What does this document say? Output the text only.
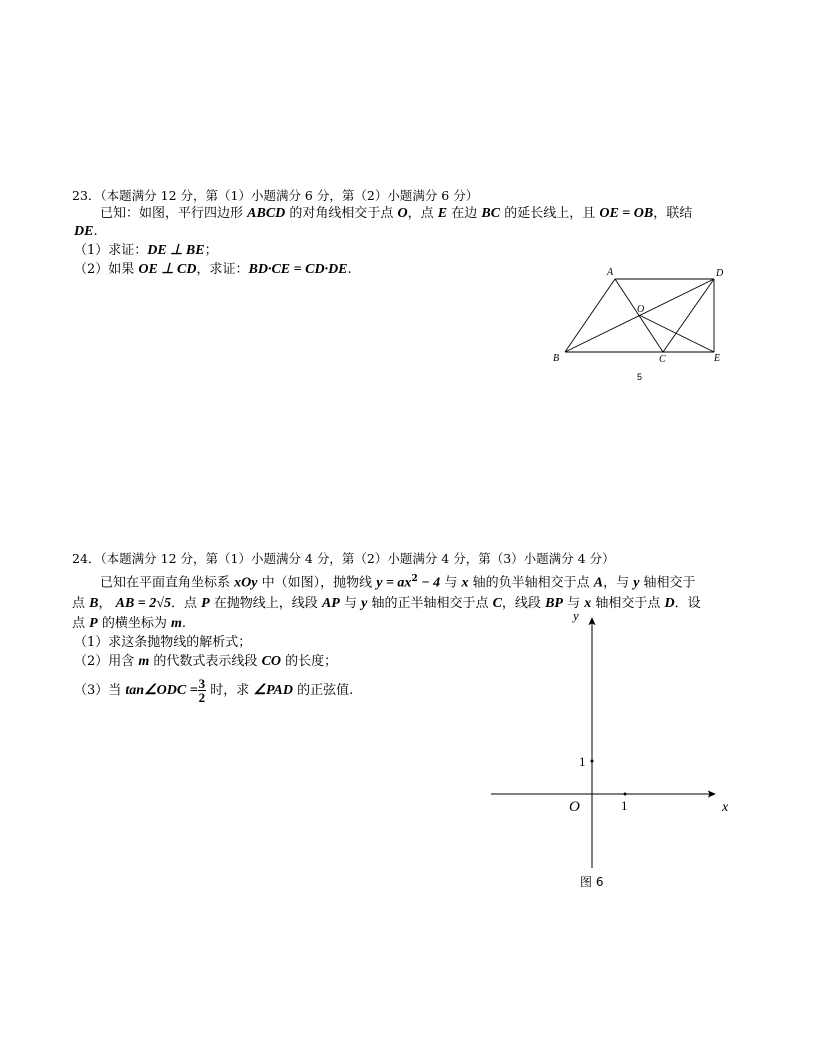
23．（本题满分 12 分，第（1）小题满分 6 分，第（2）小题满分 6 分）
已知：如图，平行四边形 ABCD 的对角线相交于点 O，点 E 在边 BC 的延长线上，且 OE = OB，联结
DE.
（1）求证：DE ⊥ BE；
（2）如果 OE ⊥ CD，求证：BD·CE = CD·DE.	A	D
O
B	C	E
5
24．（本题满分 12 分，第（1）小题满分 4 分，第（2）小题满分 4 分，第（3）小题满分 4 分）
已知在平面直角坐标系 xOy 中（如图），抛物线 $y = ax^2 - 4$ 与 x 轴的负半轴相交于点 A，与 y 轴相交于
点 B， AB = 2√5．点 P 在抛物线上，线段 AP 与 y 轴的正半轴相交于点 C，线段 BP 与 x 轴相交于点 D．设
点 P 的横坐标为 m.
（1）求这条抛物线的解析式；
（2）用含 m 的代数式表示线段 CO 的长度；
（3）当 tan∠ODC = $\frac{3}{2}$ 时，求 ∠PAD 的正弦值.
y
x
O	1
1
图 6
